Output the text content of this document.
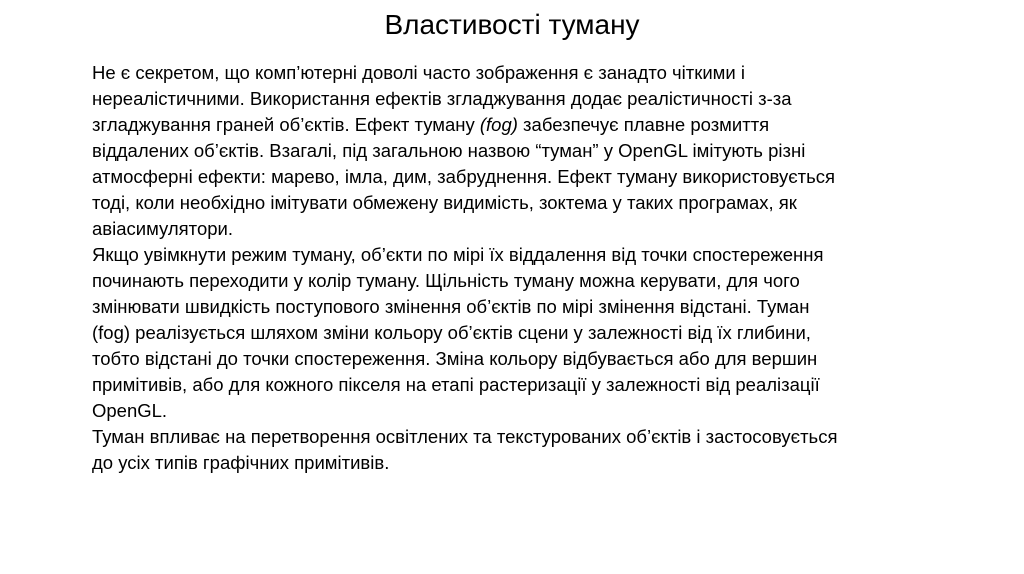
Властивості туману

Не є секретом, що комп’ютерні доволі часто зображення є занадто чіткими і
нереалістичними. Використання ефектів згладжування додає реалістичності з-за
згладжування граней об’єктів. Ефект туману (fog) забезпечує плавне розмиття
віддалених об’єктів. Взагалі, під загальною назвою “туман” у OpenGL імітують різні
атмосферні ефекти: марево, імла, дим, забруднення. Ефект туману використовується
тоді, коли необхідно імітувати обмежену видимість, зоктема у таких програмах, як
авіасимулятори.

Якщо увімкнути режим туману, об’єкти по мірі їх віддалення від точки спостереження
починають переходити у колір туману. Щільність туману можна керувати, для чого
змінювати швидкість поступового змінення об’єктів по мірі змінення відстані. Туман
(fog) реалізується шляхом зміни кольору об’єктів сцени у залежності від їх глибини,
тобто відстані до точки спостереження. Зміна кольору відбувається або для вершин
примітивів, або для кожного пікселя на етапі растеризації у залежності від реалізації
OpenGL.

Туман впливає на перетворення освітлених та текстурованих об’єктів і застосовується
до усіх типів графічних примітивів.
